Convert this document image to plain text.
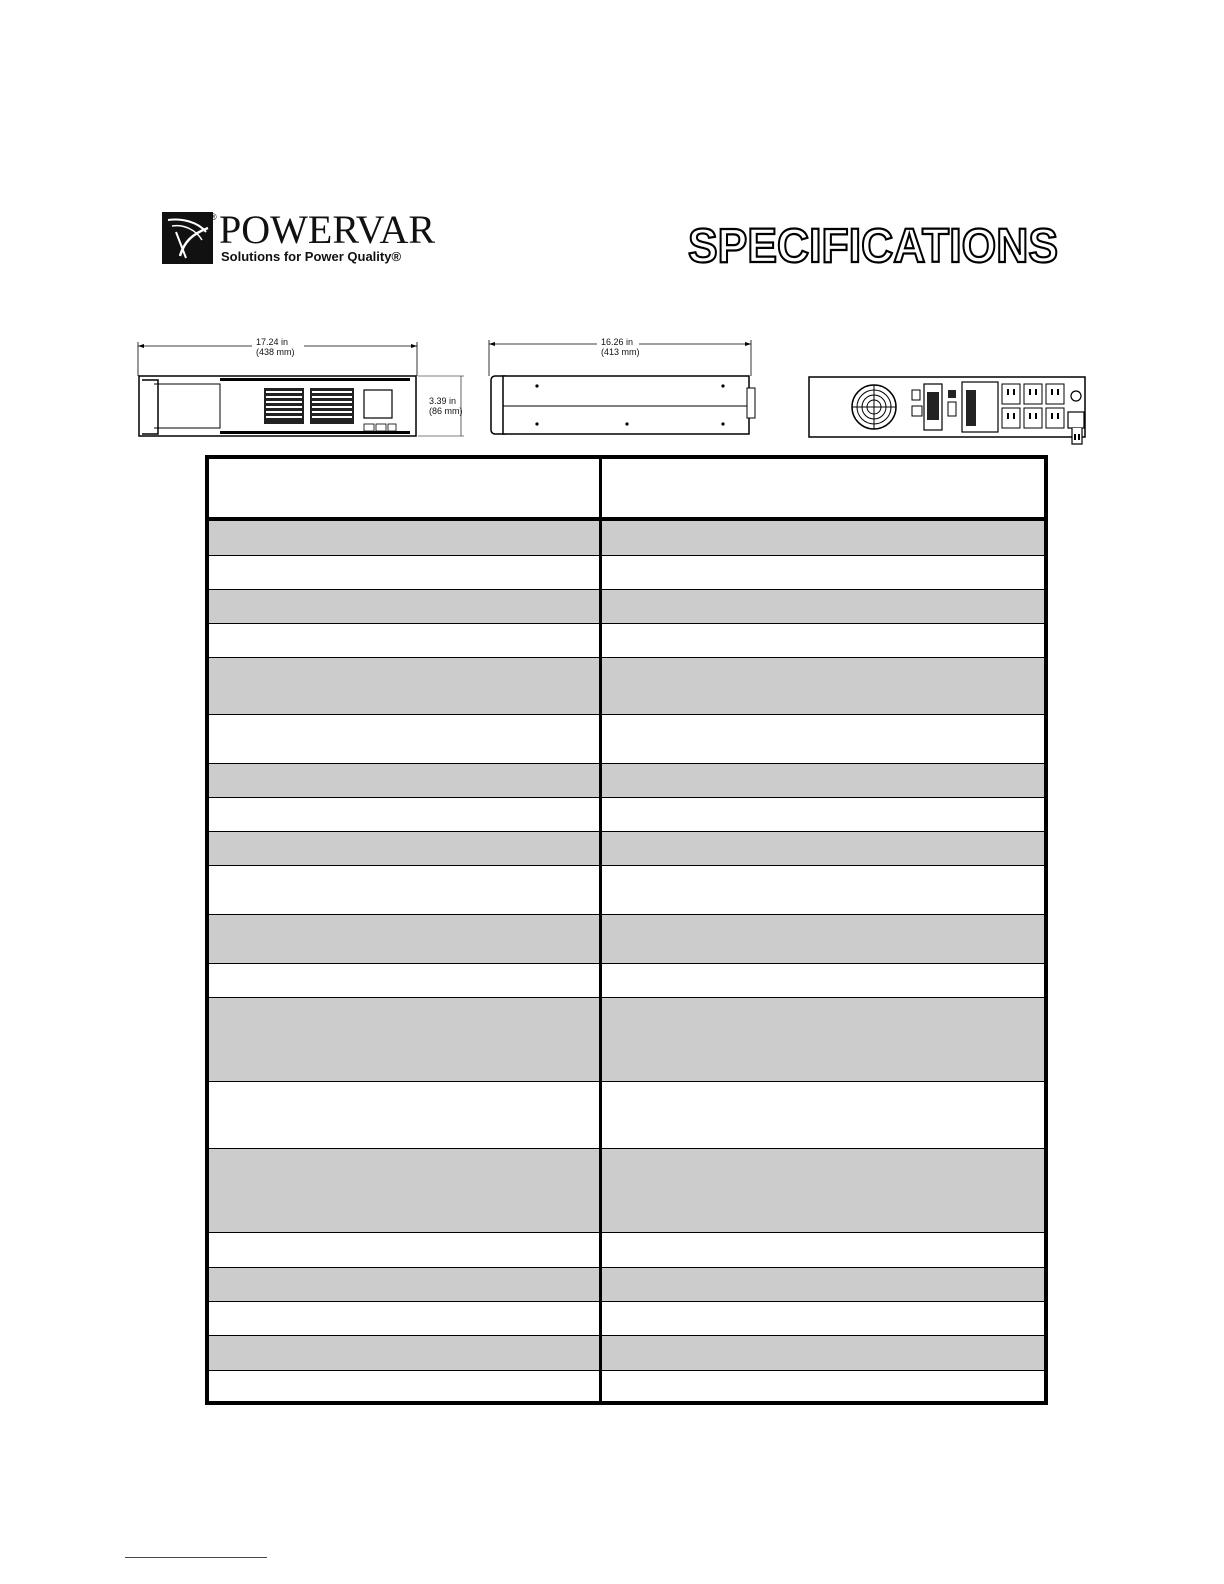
® POWERVAR
Solutions for Power Quality®	SPECIFICATIONS
17.24 in
(438 mm)
3.39 in
(86 mm)
16.26 in
(413 mm)
